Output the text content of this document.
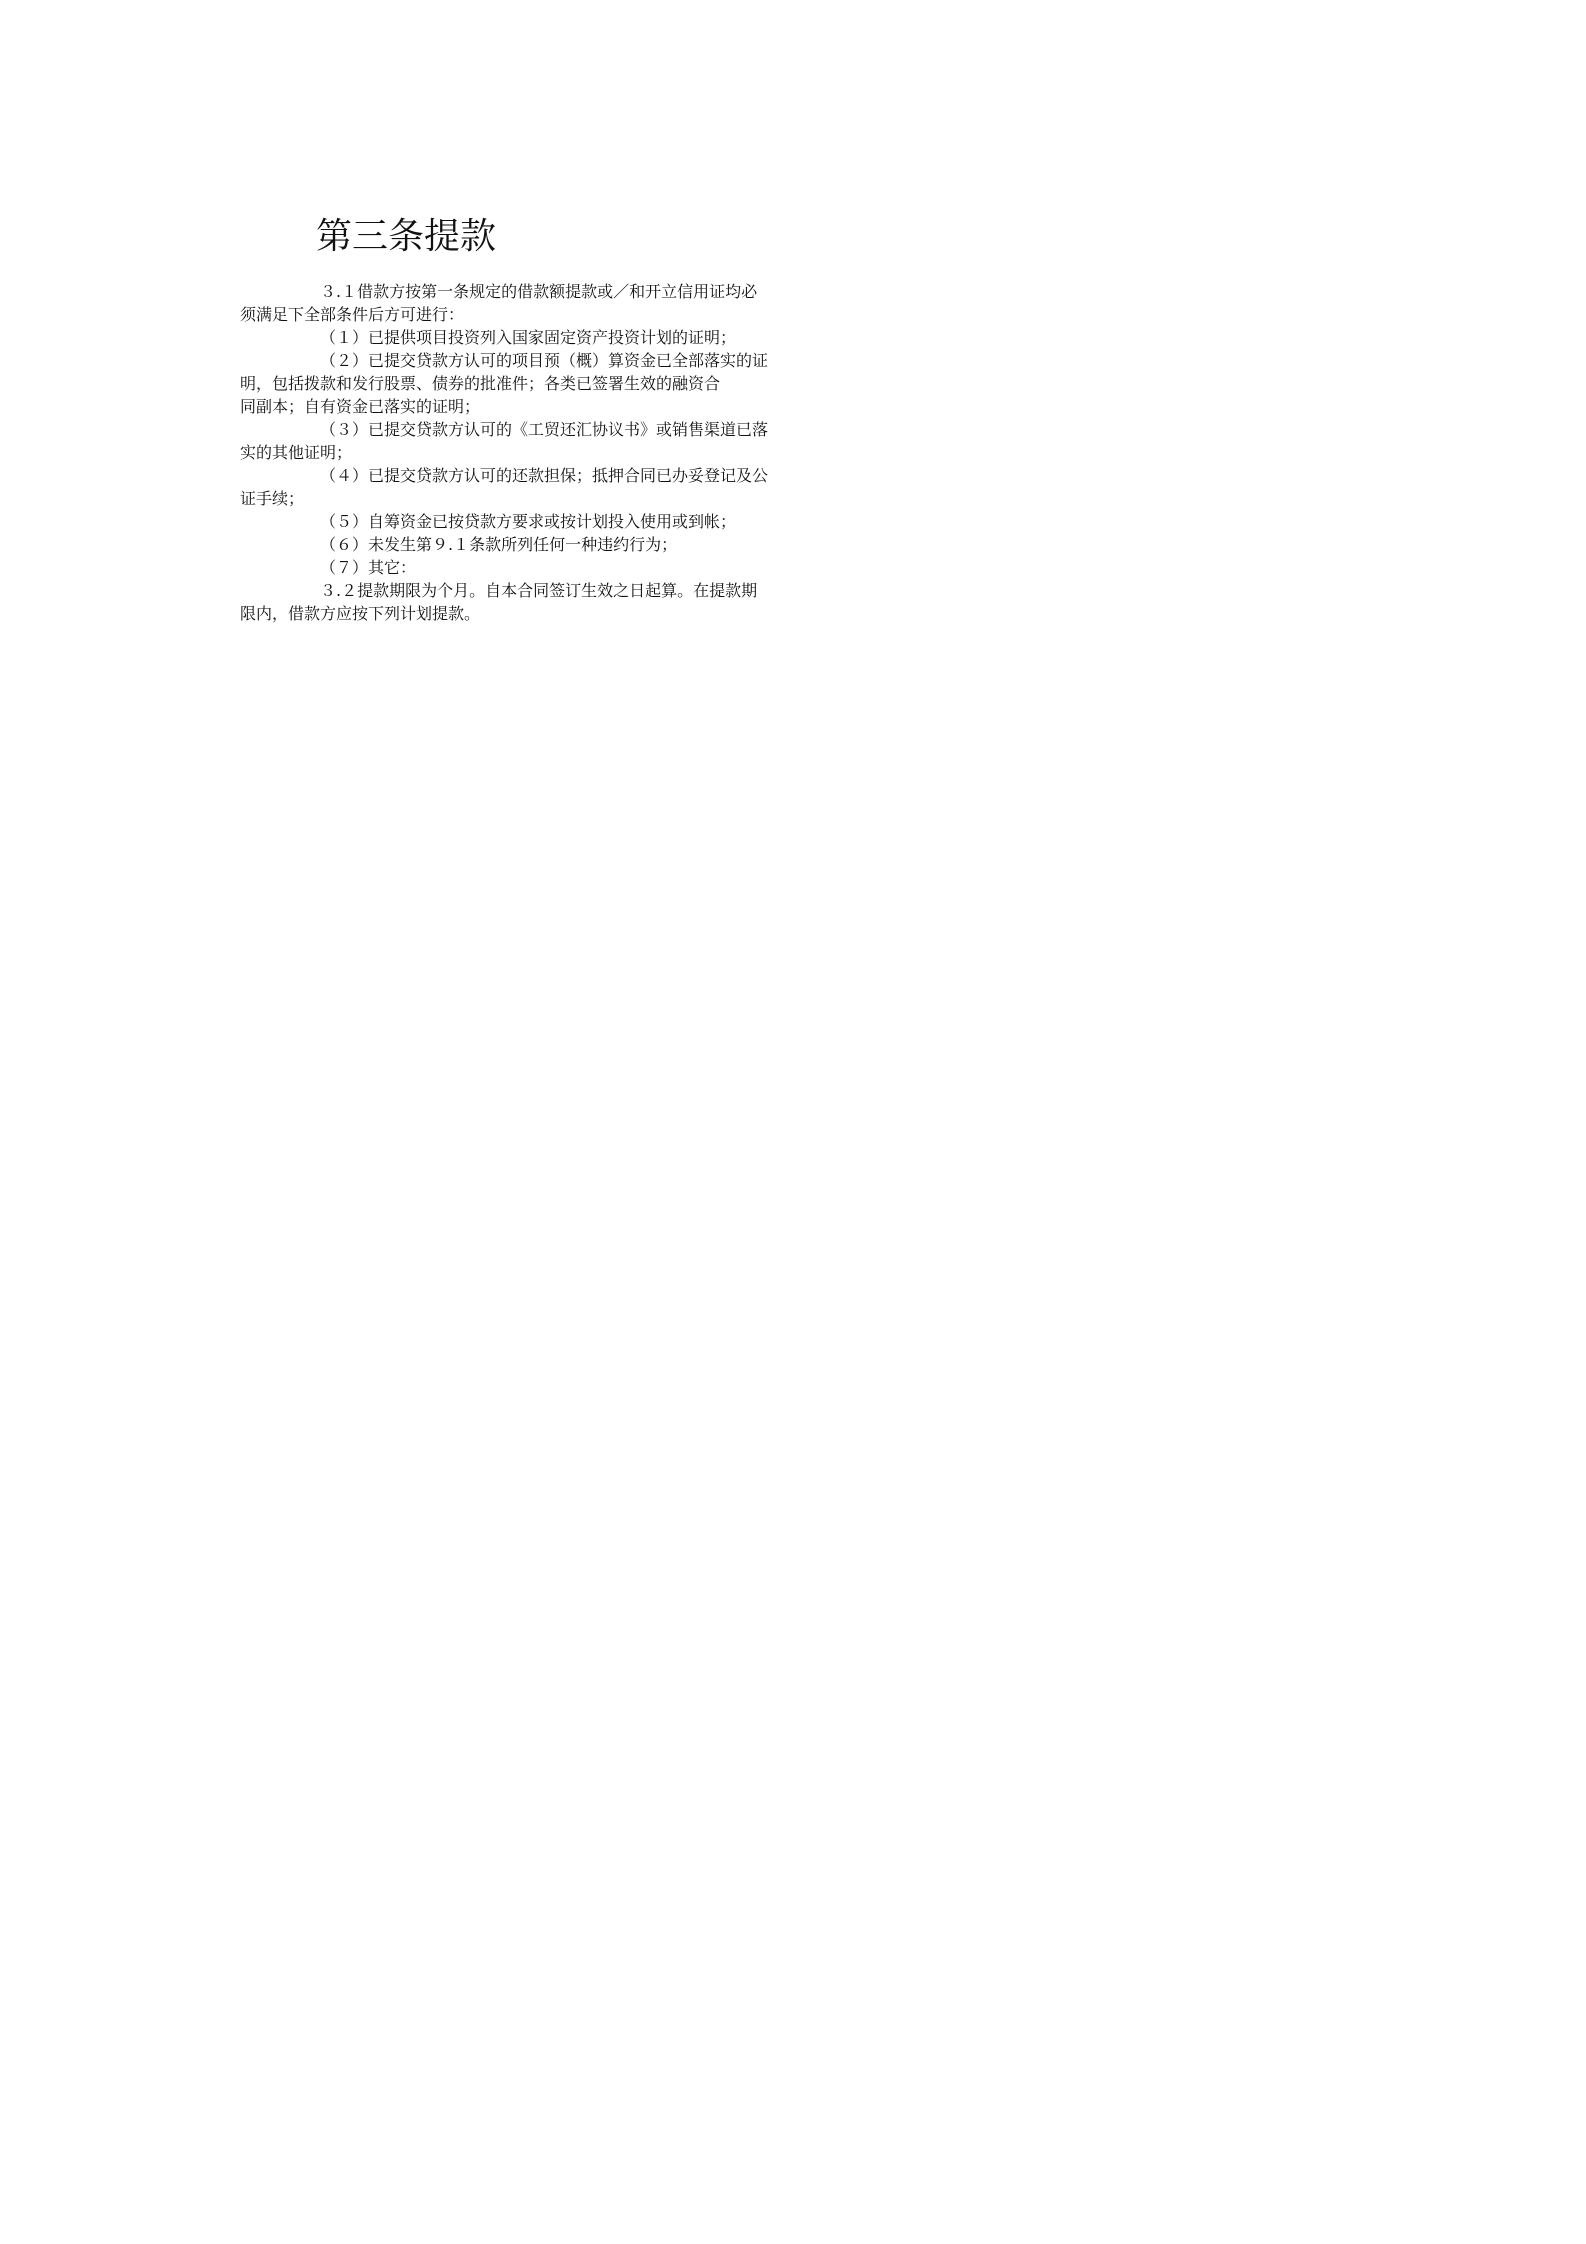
第三条提款

３.１借款方按第一条规定的借款额提款或／和开立信用证均必
须满足下全部条件后方可进行：
（１）已提供项目投资列入国家固定资产投资计划的证明；
（２）已提交贷款方认可的项目预（概）算资金已全部落实的证
明，包括拨款和发行股票、债券的批准件；各类已签署生效的融资合
同副本；自有资金已落实的证明；
（３）已提交贷款方认可的《工贸还汇协议书》或销售渠道已落
实的其他证明；
（４）已提交贷款方认可的还款担保；抵押合同已办妥登记及公
证手续；
（５）自筹资金已按贷款方要求或按计划投入使用或到帐；
（６）未发生第９.１条款所列任何一种违约行为；
（７）其它：
３.２提款期限为个月。自本合同签订生效之日起算。在提款期
限内，借款方应按下列计划提款。
